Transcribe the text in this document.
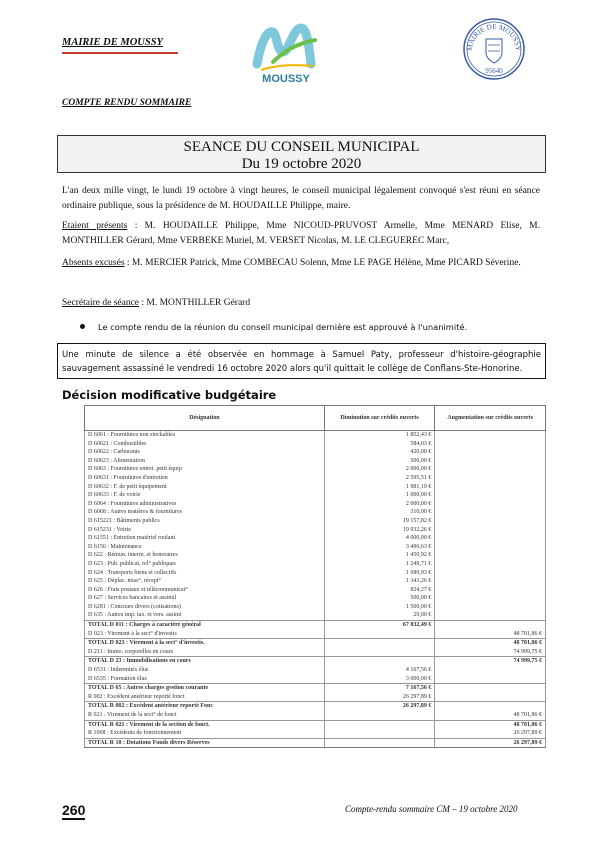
MAIRIE DE MOUSSY
MOUSSY
MAIRIE DE MOUSSY
95640
COMPTE RENDU SOMMAIRE
SEANCE DU CONSEIL MUNICIPAL
Du 19 octobre 2020
L'an deux mille vingt, le lundi 19 octobre à vingt heures, le conseil municipal légalement convoqué s'est réuni en séance ordinaire publique, sous la présidence de M. HOUDAILLE Philippe, maire.
Etaient présents : M. HOUDAILLE Philippe, Mme NICOUD-PRUVOST Armelle, Mme MENARD Elise, M. MONTHILLER Gérard, Mme VERBEKE Muriel, M. VERSET Nicolas, M. LE CLEGUEREC Marc,
Absents excusés : M. MERCIER Patrick, Mme COMBECAU Solenn, Mme LE PAGE Hélène, Mme PICARD Séverine.
Secrétaire de séance : M. MONTHILLER Gérard
Le compte rendu de la réunion du conseil municipal dernière est approuvé à l'unanimité.
Une minute de silence a été observée en hommage à Samuel Paty, professeur d'histoire-géographie sauvagement assassiné le vendredi 16 octobre 2020 alors qu'il quittait le collège de Conflans-Ste-Honorine.
Décision modificative budgétaire
Désignation	Diminution sur crédits ouverts	Augmentation sur crédits ouverts
D 6061 : Fournitures non stockables	1 852,43 €	
D 60621 : Combustibles	584,03 €	
D 60622 : Carburants	420,00 €	
D 60623 : Alimentation	500,00 €	
D 6063 : Fournitures entret. petit équip	2 000,00 €	
D 60631 : Fournitures d'entretien	2 595,51 €	
D 60632 : F. de petit équipement	1 981,19 €	
D 60633 : F. de voirie	1 000,00 €	
D 6064 : Fournitures administratives	2 000,00 €	
D 6068 : Autres matières & fournitures	310,00 €	
D 615221 : Bâtiments publics	19 157,82 €	
D 615231 : Voirie	19 932,26 €	
D 61551 : Entretien matériel roulant	4 000,00 €	
D 6156 : Maintenance	3 496,63 €	
D 622 : Rémun. interm. et honoraires	1 450,92 €	
D 623 : Pub. publicat, rel° publiques	1 249,71 €	
D 624 : Transports biens et collectifs	1 089,93 €	
D 625 : Déplac. miss°, récept°	1 343,26 €	
D 626 : Frais postaux et télécommunicat°	824,27 €	
D 627 : Services bancaires et assimil	500,00 €	
D 6281 : Concours divers (cotisations)	1 500,00 €	
D 635 : Autres imp. tax. et vers. assimi	29,00 €	
TOTAL D 011 : Charges à caractère général	67 832,49 €	
D 023 : Virement à la sect° d'investis		48 701,86 €
TOTAL D 023 : Virement à la sect° d'investis.		48 701,86 €
D 211 : Immo. corporelles en cours		74 999,75 €
TOTAL D 23 : Immobilisations en cours		74 999,75 €
D 6531 : Indemnités élus	4 167,56 €	
D 6535 : Formation élus	3 000,00 €	
TOTAL D 65 : Autres charges gestion courante	7 167,56 €	
R 002 : Excédent antérieur reporté fonct	26 297,89 €	
TOTAL R 002 : Excédent antérieur reporté Fonc	26 297,89 €	
R 021 : Virement de la sect° de fonct		48 701,86 €
TOTAL R 021 : Virement de la section de fonct.		48 701,86 €
R 1068 : Excédents de fonctionnement		26 297,89 €
TOTAL R 10 : Dotations Fonds divers Réserves		26 297,89 €
260	Compte-rendu sommaire CM – 19 octobre 2020
